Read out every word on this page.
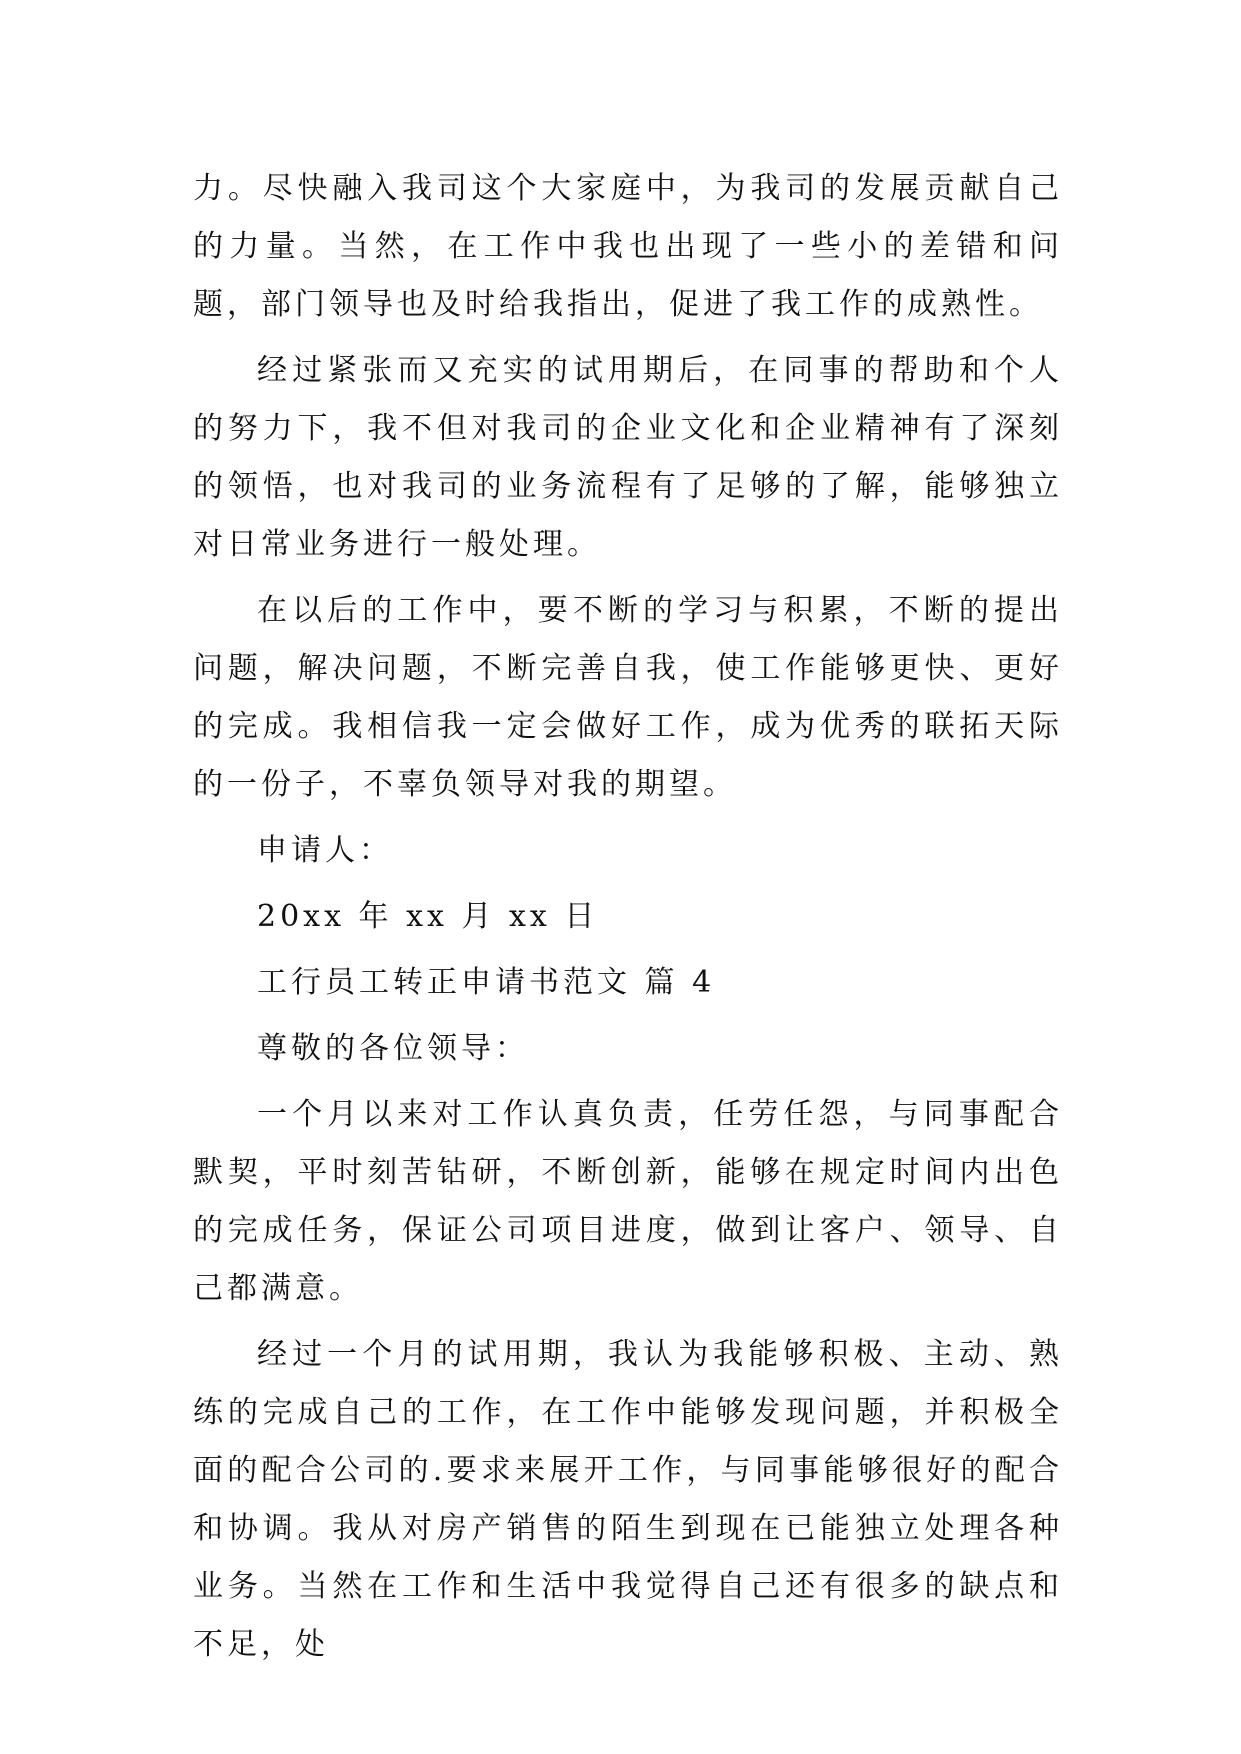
力。尽快融入我司这个大家庭中，为我司的发展贡献自己的力量。当然，在工作中我也出现了一些小的差错和问题，部门领导也及时给我指出，促进了我工作的成熟性。

经过紧张而又充实的试用期后，在同事的帮助和个人的努力下，我不但对我司的企业文化和企业精神有了深刻的领悟，也对我司的业务流程有了足够的了解，能够独立对日常业务进行一般处理。

在以后的工作中，要不断的学习与积累，不断的提出问题，解决问题，不断完善自我，使工作能够更快、更好的完成。我相信我一定会做好工作，成为优秀的联拓天际的一份子，不辜负领导对我的期望。

申请人：

20xx 年 xx 月 xx 日

工行员工转正申请书范文 篇 4

尊敬的各位领导：

一个月以来对工作认真负责，任劳任怨，与同事配合默契，平时刻苦钻研，不断创新，能够在规定时间内出色的完成任务，保证公司项目进度，做到让客户、领导、自己都满意。

经过一个月的试用期，我认为我能够积极、主动、熟练的完成自己的工作，在工作中能够发现问题，并积极全面的配合公司的.要求来展开工作，与同事能够很好的配合和协调。我从对房产销售的陌生到现在已能独立处理各种业务。当然在工作和生活中我觉得自己还有很多的缺点和不足，处
